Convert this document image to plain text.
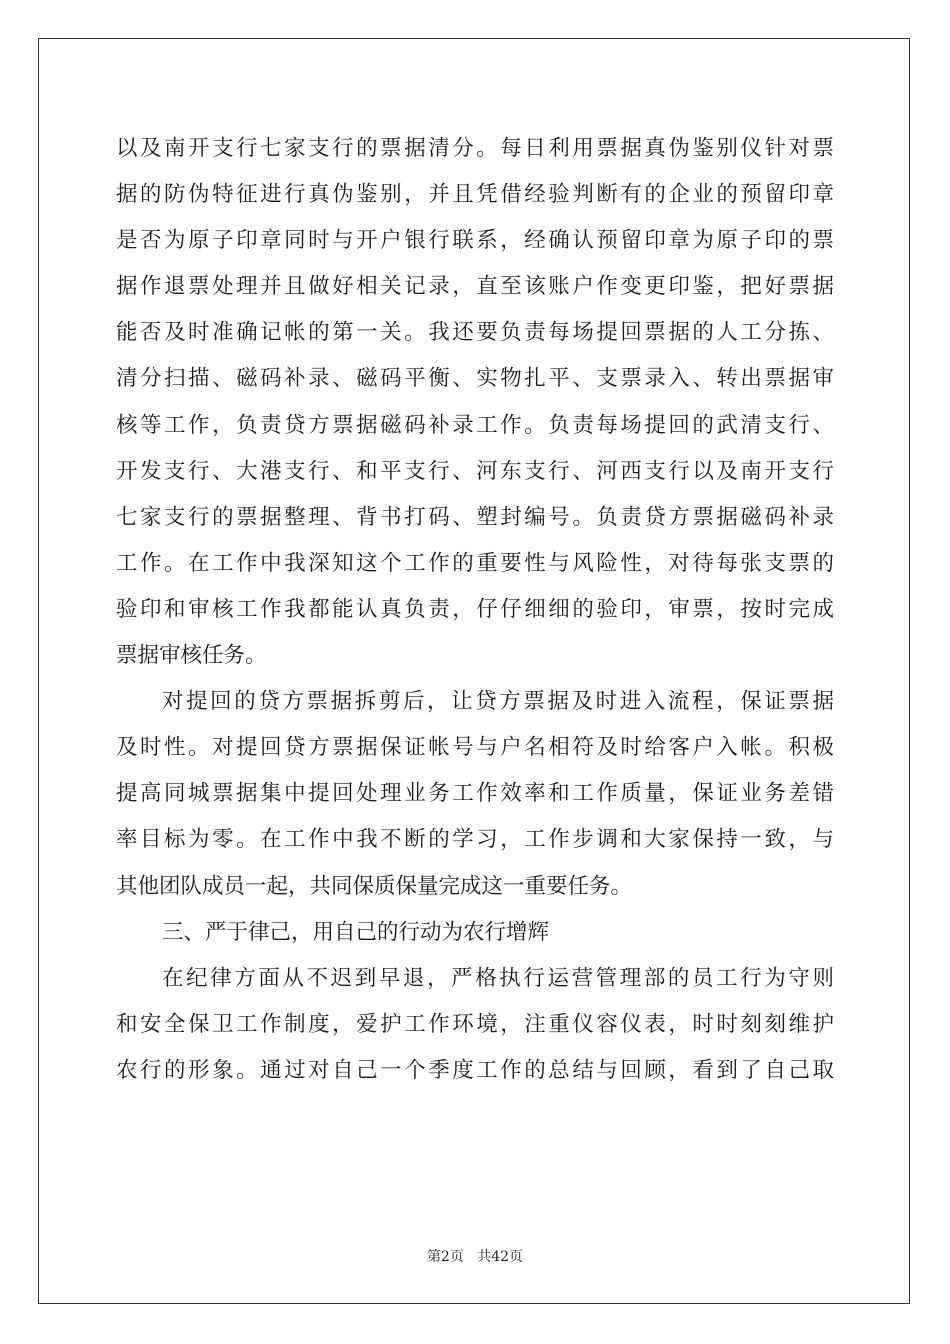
以及南开支行七家支行的票据清分。每日利用票据真伪鉴别仪针对票
据的防伪特征进行真伪鉴别，并且凭借经验判断有的企业的预留印章
是否为原子印章同时与开户银行联系，经确认预留印章为原子印的票
据作退票处理并且做好相关记录，直至该账户作变更印鉴，把好票据
能否及时准确记帐的第一关。我还要负责每场提回票据的人工分拣、
清分扫描、磁码补录、磁码平衡、实物扎平、支票录入、转出票据审
核等工作，负责贷方票据磁码补录工作。负责每场提回的武清支行、
开发支行、大港支行、和平支行、河东支行、河西支行以及南开支行
七家支行的票据整理、背书打码、塑封编号。负责贷方票据磁码补录
工作。在工作中我深知这个工作的重要性与风险性，对待每张支票的
验印和审核工作我都能认真负责，仔仔细细的验印，审票，按时完成
票据审核任务。
对提回的贷方票据拆剪后，让贷方票据及时进入流程，保证票据
及时性。对提回贷方票据保证帐号与户名相符及时给客户入帐。积极
提高同城票据集中提回处理业务工作效率和工作质量，保证业务差错
率目标为零。在工作中我不断的学习，工作步调和大家保持一致，与
其他团队成员一起，共同保质保量完成这一重要任务。
三、严于律己，用自己的行动为农行增辉
在纪律方面从不迟到早退，严格执行运营管理部的员工行为守则
和安全保卫工作制度，爱护工作环境，注重仪容仪表，时时刻刻维护
农行的形象。通过对自己一个季度工作的总结与回顾，看到了自己取
第2页 共42页
